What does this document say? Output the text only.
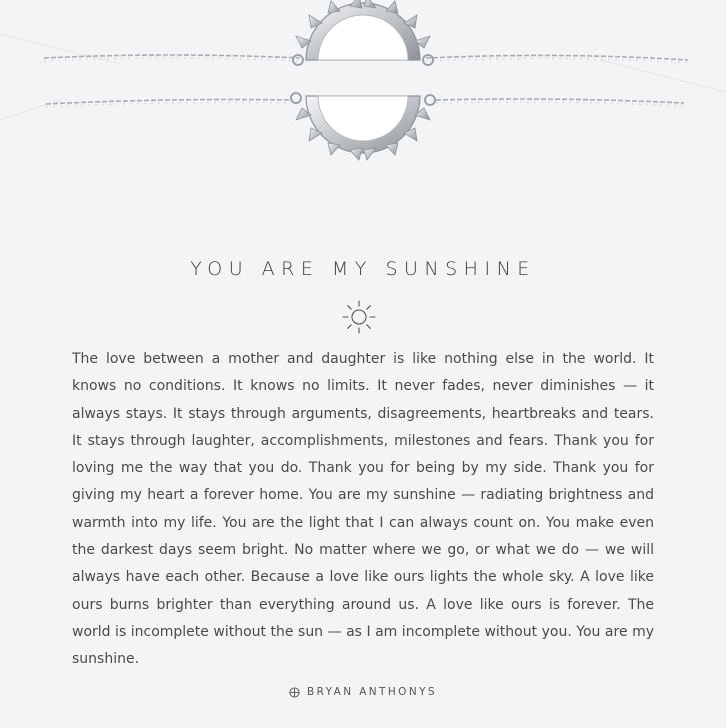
YOU ARE MY SUNSHINE
The love between a mother and daughter is like nothing else in the world. It knows no conditions. It knows no limits. It never fades, never diminishes — it always stays. It stays through arguments, disagreements, heartbreaks and tears. It stays through laughter, accomplishments, milestones and fears. Thank you for loving me the way that you do. Thank you for being by my side. Thank you for giving my heart a forever home. You are my sunshine — radiating brightness and warmth into my life. You are the light that I can always count on. You make even the darkest days seem bright. No matter where we go, or what we do — we will always have each other. Because a love like ours lights the whole sky. A love like ours burns brighter than everything around us. A love like ours is forever. The world is incomplete without the sun — as I am incomplete without you. You are my sunshine.
BRYAN ANTHONYS
